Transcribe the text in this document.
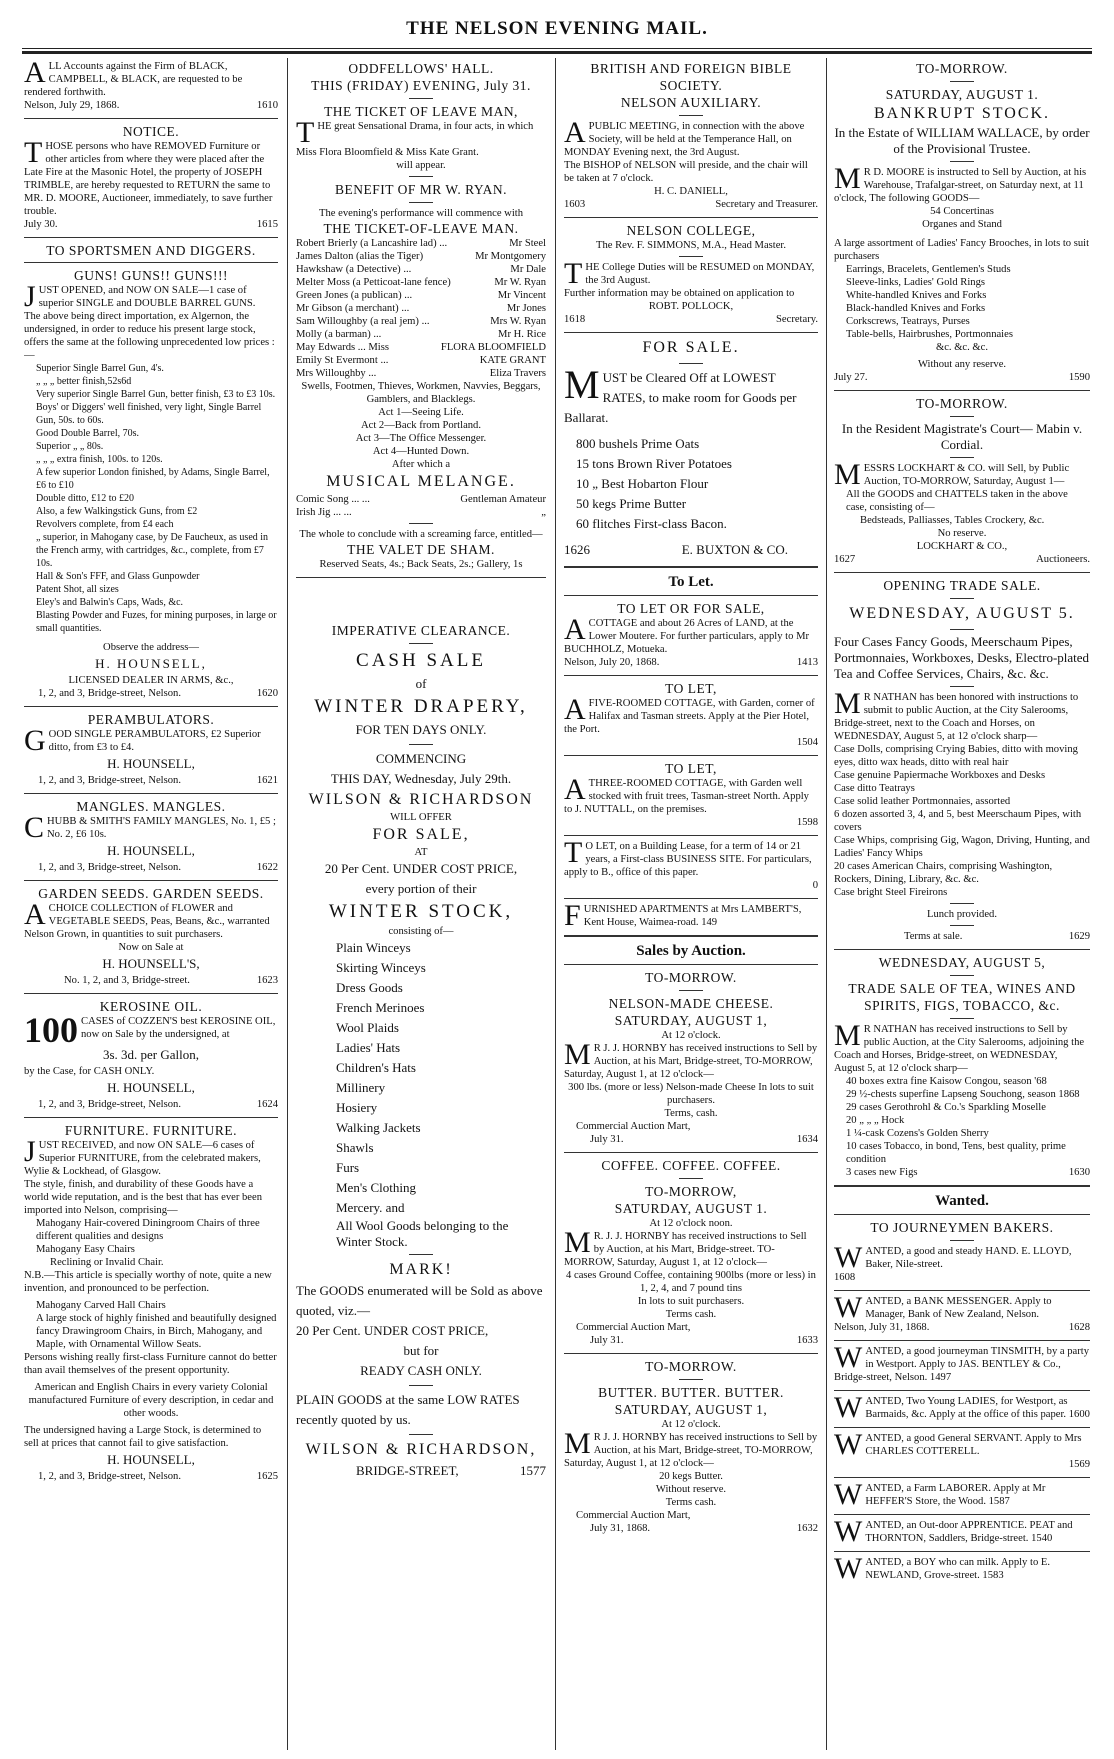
THE NELSON EVENING MAIL.
A LL Accounts against the Firm of BLACK, CAMPBELL, & BLACK, are requested to be rendered forthwith.
Nelson, July 29, 1868.	1610
NOTICE.
T HOSE persons who have REMOVED Furniture or other articles from where they were placed after the Late Fire at the Masonic Hotel, the property of JOSEPH TRIMBLE, are hereby requested to RETURN the same to MR. D. MOORE, Auctioneer, immediately, to save further trouble.
July 30.	1615
TO SPORTSMEN AND DIGGERS.
GUNS! GUNS!! GUNS!!!
J UST OPENED, and NOW ON SALE—1 case of superior SINGLE and DOUBLE BARREL GUNS.
The above being direct importation, ex Algernon, the undersigned, in order to reduce his present large stock, offers the same at the following unprecedented low prices :—
Superior Single Barrel Gun, 4's.
„ „ „ better finish,52s6d
Very superior Single Barrel Gun, better finish, £3 to £3 10s.
Boys' or Diggers' well finished, very light, Single Barrel Gun, 50s. to 60s.
Good Double Barrel, 70s.
Superior „ „ 80s.
„ „ „ extra finish, 100s. to 120s.
A few superior London finished, by Adams, Single Barrel, £6 to £10
Double ditto, £12 to £20
Also, a few Walkingstick Guns, from £2
Revolvers complete, from £4 each
„ superior, in Mahogany case, by De Faucheux, as used in the French army, with cartridges, &c., complete, from £7 10s.
Hall & Son's FFF, and Glass Gunpowder
Patent Shot, all sizes
Eley's and Balwin's Caps, Wads, &c.
Blasting Powder and Fuzes, for mining purposes, in large or small quantities.
Observe the address—
H. HOUNSELL,
LICENSED DEALER IN ARMS, &c.,
1, 2, and 3, Bridge-street, Nelson.	1620
PERAMBULATORS.
G OOD SINGLE PERAMBULATORS, £2 Superior ditto, from £3 to £4.
H. HOUNSELL,
1, 2, and 3, Bridge-street, Nelson.	1621
MANGLES. MANGLES.
C HUBB & SMITH'S FAMILY MANGLES, No. 1, £5 ; No. 2, £6 10s.
H. HOUNSELL,
1, 2, and 3, Bridge-street, Nelson.	1622
GARDEN SEEDS. GARDEN SEEDS.
A CHOICE COLLECTION of FLOWER and VEGETABLE SEEDS, Peas, Beans, &c., warranted Nelson Grown, in quantities to suit purchasers.
Now on Sale at
H. HOUNSELL'S,
No. 1, 2, and 3, Bridge-street.	1623
KEROSINE OIL.
100 CASES of COZZEN'S best KEROSINE OIL, now on Sale by the undersigned, at
3s. 3d. per Gallon,
by the Case, for CASH ONLY.
H. HOUNSELL,
1, 2, and 3, Bridge-street, Nelson.	1624
FURNITURE. FURNITURE.
J UST RECEIVED, and now ON SALE—6 cases of Superior FURNITURE, from the celebrated makers, Wylie & Lockhead, of Glasgow.
The style, finish, and durability of these Goods have a world wide reputation, and is the best that has ever been imported into Nelson, comprising—
Mahogany Hair-covered Diningroom Chairs of three different qualities and designs
Mahogany Easy Chairs
Reclining or Invalid Chair.
N.B.—This article is specially worthy of note, quite a new invention, and pronounced to be perfection.
Mahogany Carved Hall Chairs
A large stock of highly finished and beautifully designed fancy Drawingroom Chairs, in Birch, Mahogany, and Maple, with Ornamental Willow Seats.
Persons wishing really first-class Furniture cannot do better than avail themselves of the present opportunity.
American and English Chairs in every variety Colonial manufactured Furniture of every description, in cedar and other woods.
The undersigned having a Large Stock, is determined to sell at prices that cannot fail to give satisfaction.
H. HOUNSELL,
1, 2, and 3, Bridge-street, Nelson.	1625
ODDFELLOWS' HALL.
THIS (FRIDAY) EVENING, July 31.
THE TICKET OF LEAVE MAN,
T HE great Sensational Drama, in four acts, in which
Miss Flora Bloomfield & Miss Kate Grant.
will appear.
BENEFIT OF MR W. RYAN.
The evening's performance will commence with
THE TICKET-OF-LEAVE MAN.
Robert Brierly (a Lancashire lad) ...	Mr Steel
James Dalton (alias the Tiger)	Mr Montgomery
Hawkshaw (a Detective) ...	Mr Dale
Melter Moss (a Petticoat-lane fence)	Mr W. Ryan
Green Jones (a publican) ...	Mr Vincent
Mr Gibson (a merchant) ...	Mr Jones
Sam Willoughby (a real jem) ...	Mrs W. Ryan
Molly (a barman) ...	Mr H. Rice
May Edwards ... Miss	FLORA BLOOMFIELD
Emily St Evermont ...	KATE GRANT
Mrs Willoughby ...	Eliza Travers
Swells, Footmen, Thieves, Workmen, Navvies, Beggars, Gamblers, and Blacklegs.
Act 1—Seeing Life.
Act 2—Back from Portland.
Act 3—The Office Messenger.
Act 4—Hunted Down.
After which a
MUSICAL MELANGE.
Comic Song ... ...	Gentleman Amateur
Irish Jig ... ...	„
The whole to conclude with a screaming farce, entitled—
THE VALET DE SHAM.
Reserved Seats, 4s.; Back Seats, 2s.; Gallery, 1s
IMPERATIVE CLEARANCE.
CASH SALE
of
WINTER DRAPERY,
FOR TEN DAYS ONLY.
COMMENCING
THIS DAY, Wednesday, July 29th.
WILSON & RICHARDSON
WILL OFFER
FOR SALE,
AT
20 Per Cent. UNDER COST PRICE,
every portion of their
WINTER STOCK,
consisting of—
Plain Winceys
Skirting Winceys
Dress Goods
French Merinoes
Wool Plaids
Ladies' Hats
Children's Hats
Millinery
Hosiery
Walking Jackets
Shawls
Furs
Men's Clothing
Mercery. and
All Wool Goods belonging to the Winter Stock.
MARK!
The GOODS enumerated will be Sold as above quoted, viz.—
20 Per Cent. UNDER COST PRICE,
but for
READY CASH ONLY.
PLAIN GOODS at the same LOW RATES recently quoted by us.
WILSON & RICHARDSON,
BRIDGE-STREET,	1577
BRITISH AND FOREIGN BIBLE SOCIETY.
NELSON AUXILIARY.
A PUBLIC MEETING, in connection with the above Society, will be held at the Temperance Hall, on MONDAY Evening next, the 3rd August.
The BISHOP of NELSON will preside, and the chair will be taken at 7 o'clock.
H. C. DANIELL,
1603	Secretary and Treasurer.
NELSON COLLEGE,
The Rev. F. SIMMONS, M.A., Head Master.
T HE College Duties will be RESUMED on MONDAY, the 3rd August.
Further information may be obtained on application to
ROBT. POLLOCK,
1618	Secretary.
FOR SALE.
M UST be Cleared Off at LOWEST RATES, to make room for Goods per Ballarat.
800 bushels Prime Oats
15 tons Brown River Potatoes
10 „ Best Hobarton Flour
50 kegs Prime Butter
60 flitches First-class Bacon.
1626	E. BUXTON & CO.
To Let.
TO LET OR FOR SALE,
A COTTAGE and about 26 Acres of LAND, at the Lower Moutere. For further particulars, apply to Mr BUCHHOLZ, Motueka.
Nelson, July 20, 1868.	1413
TO LET,
A FIVE-ROOMED COTTAGE, with Garden, corner of Halifax and Tasman streets. Apply at the Pier Hotel, the Port.
1504
TO LET,
A THREE-ROOMED COTTAGE, with Garden well stocked with fruit trees, Tasman-street North. Apply to J. NUTTALL, on the premises.
1598
T O LET, on a Building Lease, for a term of 14 or 21 years, a First-class BUSINESS SITE. For particulars, apply to B., office of this paper.
0
F URNISHED APARTMENTS at Mrs LAMBERT'S, Kent House, Waimea-road. 149
Sales by Auction.
TO-MORROW.
NELSON-MADE CHEESE.
SATURDAY, AUGUST 1,
At 12 o'clock.
M R J. J. HORNBY has received instructions to Sell by Auction, at his Mart, Bridge-street, TO-MORROW, Saturday, August 1, at 12 o'clock—
300 lbs. (more or less) Nelson-made Cheese In lots to suit purchasers.
Terms, cash.
Commercial Auction Mart,
July 31.	1634
COFFEE. COFFEE. COFFEE.
TO-MORROW,
SATURDAY, AUGUST 1.
At 12 o'clock noon.
M R. J. J. HORNBY has received instructions to Sell by Auction, at his Mart, Bridge-street. TO-MORROW, Saturday, August 1, at 12 o'clock—
4 cases Ground Coffee, containing 900lbs (more or less) in 1, 2, 4, and 7 pound tins
In lots to suit purchasers.
Terms cash.
Commercial Auction Mart,
July 31.	1633
TO-MORROW.
BUTTER. BUTTER. BUTTER.
SATURDAY, AUGUST 1,
At 12 o'clock.
M R J. J. HORNBY has received instructions to Sell by Auction, at his Mart, Bridge-street, TO-MORROW, Saturday, August 1, at 12 o'clock—
20 kegs Butter.
Without reserve.
Terms cash.
Commercial Auction Mart,
July 31, 1868.	1632
TO-MORROW.
SATURDAY, AUGUST 1.
BANKRUPT STOCK.
In the Estate of WILLIAM WALLACE, by order of the Provisional Trustee.
M R D. MOORE is instructed to Sell by Auction, at his Warehouse, Trafalgar-street, on Saturday next, at 11 o'clock, The following GOODS—
54 Concertinas
Organes and Stand
A large assortment of Ladies' Fancy Brooches, in lots to suit purchasers
Earrings, Bracelets, Gentlemen's Studs
Sleeve-links, Ladies' Gold Rings
White-handled Knives and Forks
Black-handled Knives and Forks
Corkscrews, Teatrays, Purses
Table-bells, Hairbrushes, Portmonnaies
&c. &c. &c.
Without any reserve.
July 27.	1590
TO-MORROW.
In the Resident Magistrate's Court— Mabin v. Cordial.
M ESSRS LOCKHART & CO. will Sell, by Public Auction, TO-MORROW, Saturday, August 1—
All the GOODS and CHATTELS taken in the above case, consisting of—
Bedsteads, Palliasses, Tables Crockery, &c.
No reserve.
LOCKHART & CO.,
1627	Auctioneers.
OPENING TRADE SALE.
WEDNESDAY, AUGUST 5.
Four Cases Fancy Goods, Meerschaum Pipes, Portmonnaies, Workboxes, Desks, Electro-plated Tea and Coffee Services, Chairs, &c. &c.
M R NATHAN has been honored with instructions to submit to public Auction, at the City Salerooms, Bridge-street, next to the Coach and Horses, on WEDNESDAY, August 5, at 12 o'clock sharp—
Case Dolls, comprising Crying Babies, ditto with moving eyes, ditto wax heads, ditto with real hair
Case genuine Papiermache Workboxes and Desks
Case ditto Teatrays
Case solid leather Portmonnaies, assorted
6 dozen assorted 3, 4, and 5, best Meerschaum Pipes, with covers
Case Whips, comprising Gig, Wagon, Driving, Hunting, and Ladies' Fancy Whips
20 cases American Chairs, comprising Washington, Rockers, Dining, Library, &c. &c.
Case bright Steel Fireirons
Lunch provided.
Terms at sale.	1629
WEDNESDAY, AUGUST 5,
TRADE SALE OF TEA, WINES AND SPIRITS, FIGS, TOBACCO, &c.
M R NATHAN has received instructions to Sell by public Auction, at the City Salerooms, adjoining the Coach and Horses, Bridge-street, on WEDNESDAY, August 5, at 12 o'clock sharp—
40 boxes extra fine Kaisow Congou, season '68
29 ½-chests superfine Lapseng Souchong, season 1868
29 cases Gerothrohl & Co.'s Sparkling Moselle
20 „ „ „ Hock
1 ¼-cask Cozens's Golden Sherry
10 cases Tobacco, in bond, Tens, best quality, prime condition
3 cases new Figs	1630
Wanted.
TO JOURNEYMEN BAKERS.
W ANTED, a good and steady HAND. E. LLOYD, Baker, Nile-street.
1608
W ANTED, a BANK MESSENGER. Apply to Manager, Bank of New Zealand, Nelson.
Nelson, July 31, 1868.	1628
W ANTED, a good journeyman TINSMITH, by a party in Westport. Apply to JAS. BENTLEY & Co., Bridge-street, Nelson. 1497
W ANTED, Two Young LADIES, for Westport, as Barmaids, &c. Apply at the office of this paper. 1600
W ANTED, a good General SERVANT. Apply to Mrs CHARLES COTTERELL.
1569
W ANTED, a Farm LABORER. Apply at Mr HEFFER'S Store, the Wood. 1587
W ANTED, an Out-door APPRENTICE. PEAT and THORNTON, Saddlers, Bridge-street. 1540
W ANTED, a BOY who can milk. Apply to E. NEWLAND, Grove-street. 1583
